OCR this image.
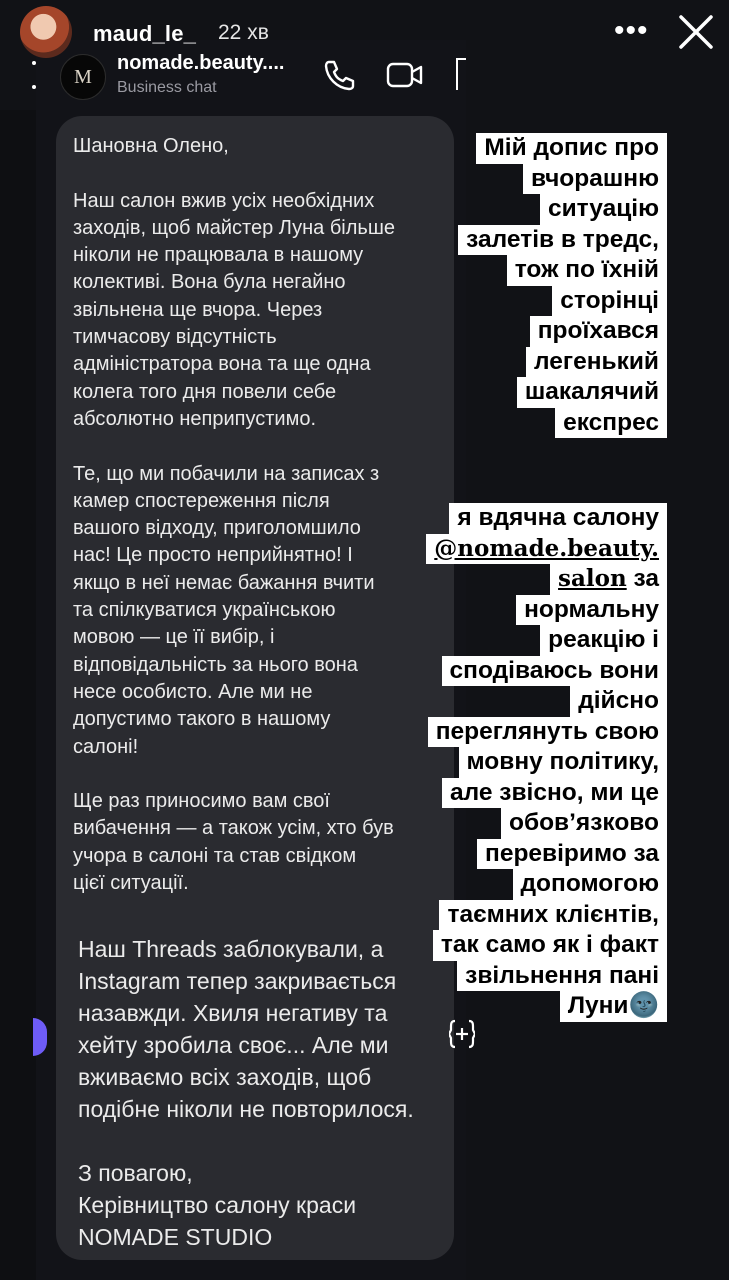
maud_le_ 22 хв	•••
M
nomade.beauty....
Business chat
Шановна Олено,

Наш салон вжив усіх необхідних
заходів, щоб майстер Луна більше
ніколи не працювала в нашому
колективі. Вона була негайно
звільнена ще вчора. Через
тимчасову відсутність
адміністратора вона та ще одна
колега того дня повели себе
абсолютно неприпустимо.

Те, що ми побачили на записах з
камер спостереження після
вашого відходу, приголомшило
нас! Це просто неприйнятно! І
якщо в неї немає бажання вчити
та спілкуватися українською
мовою — це її вибір, і
відповідальність за нього вона
несе особисто. Але ми не
допустимо такого в нашому
салоні!

Ще раз приносимо вам свої
вибачення — а також усім, хто був
учора в салоні та став свідком
цієї ситуації.
Наш Threads заблокували, а
Instagram тепер закривається
назавжди. Хвиля негативу та
хейту зробила своє... Але ми
вживаємо всіх заходів, щоб
подібне ніколи не повторилося.

З повагою,
Керівництво салону краси
NOMADE STUDIO
Мій допис про
вчорашню
ситуацію
залетів в тредс,
тож по їхній
сторінці
проїхався
легенький
шакалячий
експрес
я вдячна салону
@nomade.beauty.
salon за
нормальну
реакцію і
сподіваюсь вони
дійсно
переглянуть свою
мовну політику,
але звісно, ми це
обов’язково
перевіримо за
допомогою
таємних клієнтів,
так само як і факт
звільнення пані
Луни🌚
